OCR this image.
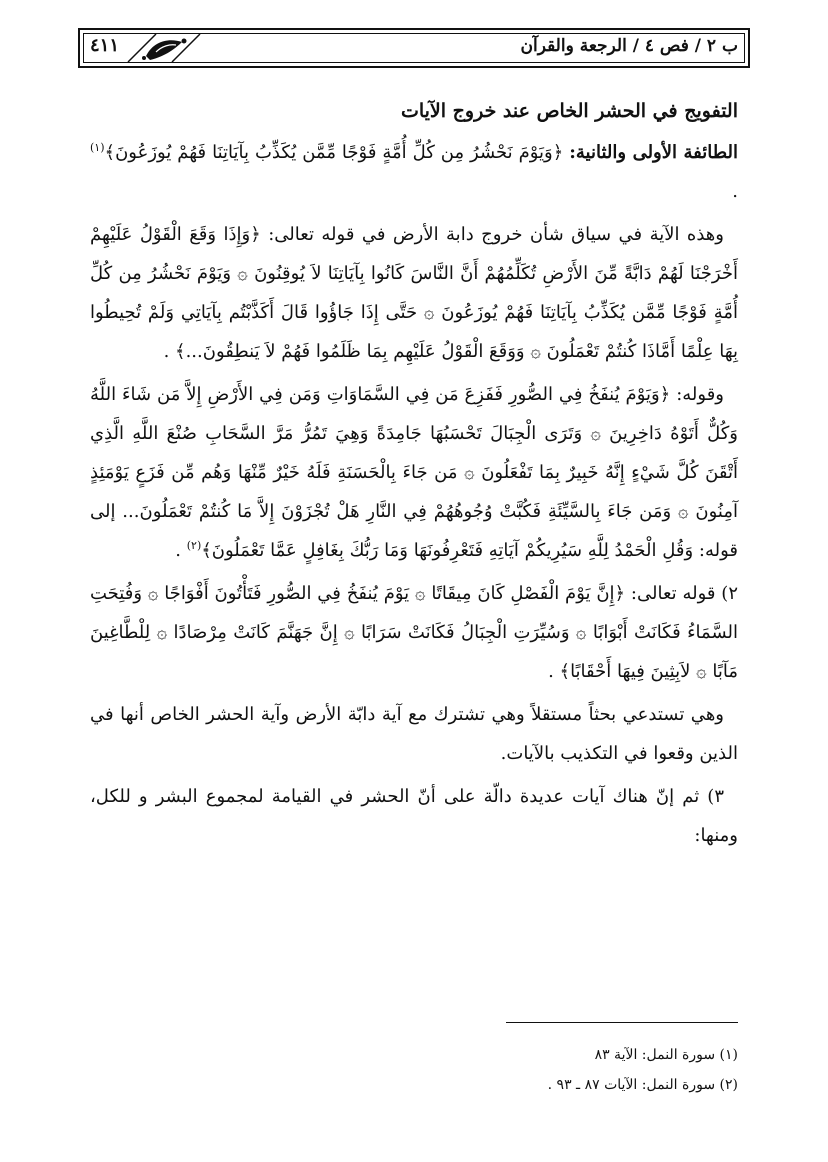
ب ٢ / فص ٤ / الرجعة والقرآن
٤١١
التفويج في الحشر الخاص عند خروج الآيات

الطائفة الأولى والثانية: ﴿وَيَوْمَ نَحْشُرُ مِن كُلِّ أُمَّةٍ فَوْجًا مِّمَّن يُكَذِّبُ بِآيَاتِنَا فَهُمْ يُوزَعُونَ﴾$^{(١)}$ .

وهذه الآية في سياق شأن خروج دابة الأرض في قوله تعالى: ﴿وَإِذَا وَقَعَ الْقَوْلُ عَلَيْهِمْ أَخْرَجْنَا لَهُمْ دَابَّةً مِّنَ الأَرْضِ تُكَلِّمُهُمْ أَنَّ النَّاسَ كَانُوا بِآيَاتِنَا لاَ يُوقِنُونَ ۞ وَيَوْمَ نَحْشُرُ مِن كُلِّ أُمَّةٍ فَوْجًا مِّمَّن يُكَذِّبُ بِآيَاتِنَا فَهُمْ يُوزَعُونَ ۞ حَتَّى إِذَا جَاؤُوا قَالَ أَكَذَّبْتُم بِآيَاتِي وَلَمْ تُحِيطُوا بِهَا عِلْمًا أَمَّاذَا كُنتُمْ تَعْمَلُونَ ۞ وَوَقَعَ الْقَوْلُ عَلَيْهِم بِمَا ظَلَمُوا فَهُمْ لاَ يَنطِقُونَ...﴾ .

وقوله: ﴿وَيَوْمَ يُنفَخُ فِي الصُّورِ فَفَزِعَ مَن فِي السَّمَاوَاتِ وَمَن فِي الأَرْضِ إِلاَّ مَن شَاءَ اللَّهُ وَكُلٌّ أَتَوْهُ دَاخِرِينَ ۞ وَتَرَى الْجِبَالَ تَحْسَبُهَا جَامِدَةً وَهِيَ تَمُرُّ مَرَّ السَّحَابِ صُنْعَ اللَّهِ الَّذِي أَتْقَنَ كُلَّ شَيْءٍ إِنَّهُ خَبِيرٌ بِمَا تَفْعَلُونَ ۞ مَن جَاءَ بِالْحَسَنَةِ فَلَهُ خَيْرٌ مِّنْهَا وَهُم مِّن فَزَعٍ يَوْمَئِذٍ آمِنُونَ ۞ وَمَن جَاءَ بِالسَّيِّئَةِ فَكُبَّتْ وُجُوهُهُمْ فِي النَّارِ هَلْ تُجْزَوْنَ إِلاَّ مَا كُنتُمْ تَعْمَلُونَ... إلى قوله: وَقُلِ الْحَمْدُ لِلَّهِ سَيُرِيكُمْ آيَاتِهِ فَتَعْرِفُونَهَا وَمَا رَبُّكَ بِغَافِلٍ عَمَّا تَعْمَلُونَ﴾$^{(٢)}$ .

٢) قوله تعالى: ﴿إِنَّ يَوْمَ الْفَصْلِ كَانَ مِيقَاتًا ۞ يَوْمَ يُنفَخُ فِي الصُّورِ فَتَأْتُونَ أَفْوَاجًا ۞ وَفُتِحَتِ السَّمَاءُ فَكَانَتْ أَبْوَابًا ۞ وَسُيِّرَتِ الْجِبَالُ فَكَانَتْ سَرَابًا ۞ إِنَّ جَهَنَّمَ كَانَتْ مِرْصَادًا ۞ لِلْطَّاغِينَ مَآبًا ۞ لاَبِثِينَ فِيهَا أَحْقَابًا﴾ .

وهي تستدعي بحثاً مستقلاً وهي تشترك مع آية دابّة الأرض وآية الحشر الخاص أنها في الذين وقعوا في التكذيب بالآيات.

٣) ثم إنّ هناك آيات عديدة دالّة على أنّ الحشر في القيامة لمجموع البشر و للكل، ومنها:

(١) سورة النمل: الآية ٨٣
(٢) سورة النمل: الآيات ٨٧ ـ ٩٣ .
